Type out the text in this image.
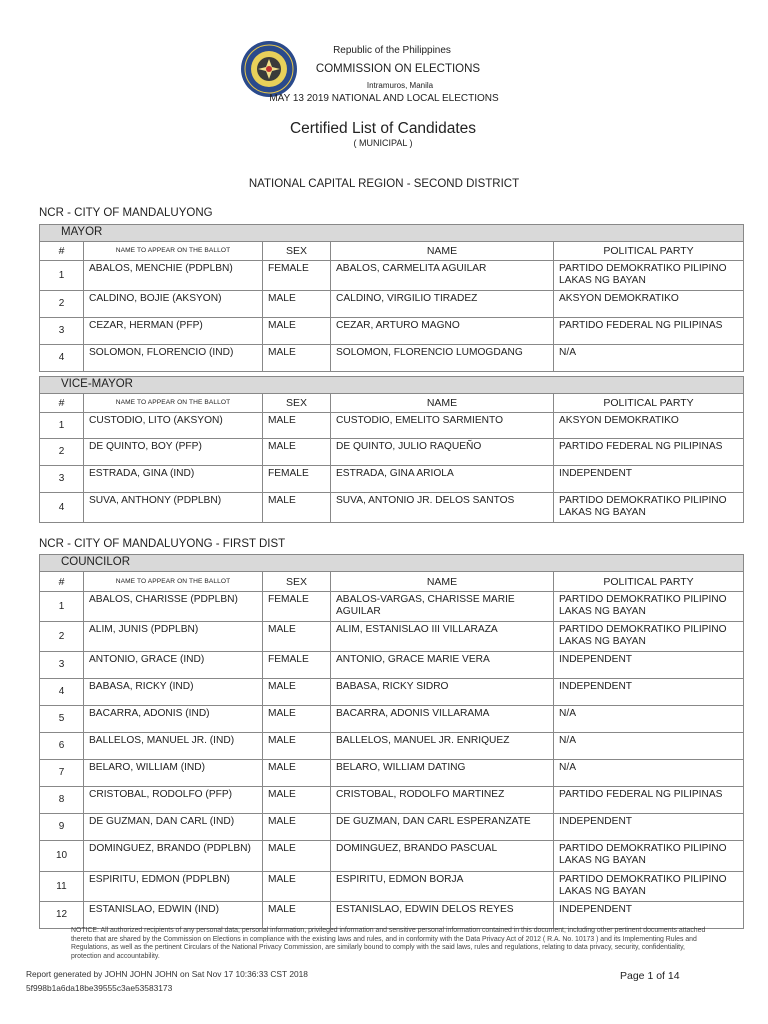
Republic of the Philippines
COMMISSION ON ELECTIONS
Intramuros, Manila
MAY 13 2019 NATIONAL AND LOCAL ELECTIONS
Certified List of Candidates
( MUNICIPAL )
NATIONAL CAPITAL REGION - SECOND DISTRICT
NCR - CITY OF MANDALUYONG
MAYOR				
#	NAME TO APPEAR ON THE BALLOT	SEX	NAME	POLITICAL PARTY
1	ABALOS, MENCHIE (PDPLBN)	FEMALE	ABALOS, CARMELITA AGUILAR	PARTIDO DEMOKRATIKO PILIPINO LAKAS NG BAYAN
2	CALDINO, BOJIE (AKSYON)	MALE	CALDINO, VIRGILIO TIRADEZ	AKSYON DEMOKRATIKO
3	CEZAR, HERMAN (PFP)	MALE	CEZAR, ARTURO MAGNO	PARTIDO FEDERAL NG PILIPINAS
4	SOLOMON, FLORENCIO (IND)	MALE	SOLOMON, FLORENCIO LUMOGDANG	N/A
VICE-MAYOR				
#	NAME TO APPEAR ON THE BALLOT	SEX	NAME	POLITICAL PARTY
1	CUSTODIO, LITO (AKSYON)	MALE	CUSTODIO, EMELITO SARMIENTO	AKSYON DEMOKRATIKO
2	DE QUINTO, BOY (PFP)	MALE	DE QUINTO, JULIO RAQUEÑO	PARTIDO FEDERAL NG PILIPINAS
3	ESTRADA, GINA (IND)	FEMALE	ESTRADA, GINA ARIOLA	INDEPENDENT
4	SUVA, ANTHONY (PDPLBN)	MALE	SUVA, ANTONIO JR. DELOS SANTOS	PARTIDO DEMOKRATIKO PILIPINO LAKAS NG BAYAN
NCR - CITY OF MANDALUYONG - FIRST DIST
COUNCILOR				
#	NAME TO APPEAR ON THE BALLOT	SEX	NAME	POLITICAL PARTY
1	ABALOS, CHARISSE (PDPLBN)	FEMALE	ABALOS-VARGAS, CHARISSE MARIE AGUILAR	PARTIDO DEMOKRATIKO PILIPINO LAKAS NG BAYAN
2	ALIM, JUNIS (PDPLBN)	MALE	ALIM, ESTANISLAO III VILLARAZA	PARTIDO DEMOKRATIKO PILIPINO LAKAS NG BAYAN
3	ANTONIO, GRACE (IND)	FEMALE	ANTONIO, GRACE MARIE VERA	INDEPENDENT
4	BABASA, RICKY (IND)	MALE	BABASA, RICKY SIDRO	INDEPENDENT
5	BACARRA, ADONIS (IND)	MALE	BACARRA, ADONIS VILLARAMA	N/A
6	BALLELOS, MANUEL JR. (IND)	MALE	BALLELOS, MANUEL JR. ENRIQUEZ	N/A
7	BELARO, WILLIAM (IND)	MALE	BELARO, WILLIAM DATING	N/A
8	CRISTOBAL, RODOLFO (PFP)	MALE	CRISTOBAL, RODOLFO MARTINEZ	PARTIDO FEDERAL NG PILIPINAS
9	DE GUZMAN, DAN CARL (IND)	MALE	DE GUZMAN, DAN CARL ESPERANZATE	INDEPENDENT
10	DOMINGUEZ, BRANDO (PDPLBN)	MALE	DOMINGUEZ, BRANDO PASCUAL	PARTIDO DEMOKRATIKO PILIPINO LAKAS NG BAYAN
11	ESPIRITU, EDMON (PDPLBN)	MALE	ESPIRITU, EDMON BORJA	PARTIDO DEMOKRATIKO PILIPINO LAKAS NG BAYAN
12	ESTANISLAO, EDWIN (IND)	MALE	ESTANISLAO, EDWIN DELOS REYES	INDEPENDENT
NOTICE: All authorized recipients of any personal data, personal information, privileged information and sensitive personal information contained in this document, including other pertinent documents attached thereto that are shared by the Commission on Elections in compliance with the existing laws and rules, and in conformity with the Data Privacy Act of 2012 ( R.A. No. 10173 ) and its Implementing Rules and Regulations, as well as the pertinent Circulars of the National Privacy Commission, are similarly bound to comply with the said laws, rules and regulations, relating to data privacy, security, confidentiality, protection and accountability.
Report generated by JOHN JOHN JOHN on Sat Nov 17 10:36:33 CST 2018
5f998b1a6da18be39555c3ae53583173
Page 1 of 14
